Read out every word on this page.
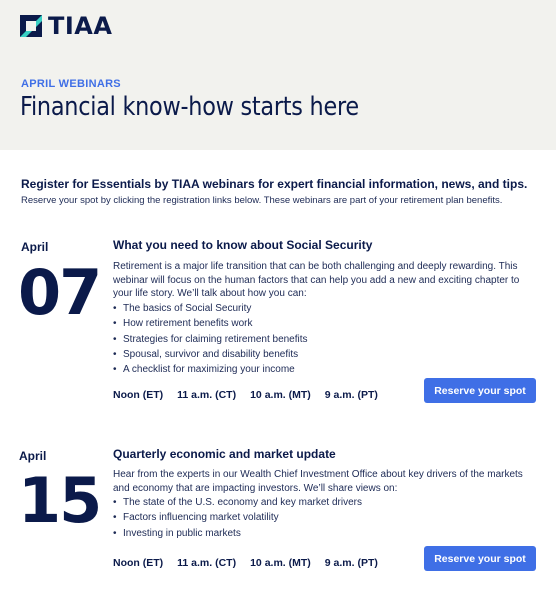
TIAA
APRIL WEBINARS
Financial know-how starts here
Register for Essentials by TIAA webinars for expert financial information, news, and tips.
Reserve your spot by clicking the registration links below. These webinars are part of your retirement plan benefits.
April
07
What you need to know about Social Security
Retirement is a major life transition that can be both challenging and deeply rewarding. This webinar will focus on the human factors that can help you add a new and exciting chapter to your life story. We’ll talk about how you can:
• The basics of Social Security
• How retirement benefits work
• Strategies for claiming retirement benefits
• Spousal, survivor and disability benefits
• A checklist for maximizing your income
Noon (ET) 11 a.m. (CT) 10 a.m. (MT) 9 a.m. (PT)	Reserve your spot
April
15
Quarterly economic and market update
Hear from the experts in our Wealth Chief Investment Office about key drivers of the markets and economy that are impacting investors. We’ll share views on:
• The state of the U.S. economy and key market drivers
• Factors influencing market volatility
• Investing in public markets
Noon (ET) 11 a.m. (CT) 10 a.m. (MT) 9 a.m. (PT)	Reserve your spot
